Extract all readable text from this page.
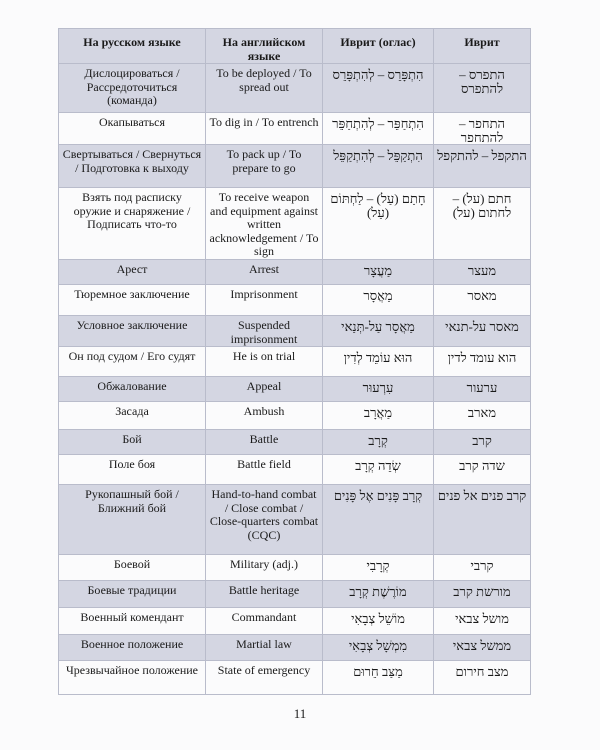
На русском языке	На английском языке	Иврит (оглас)	Иврит
Дислоцироваться / Рассредоточиться (команда)	To be deployed / To spread out	הִתְפָּרֵס – לְהִתְפָּרֵס	התפרס – להתפרס
Окапываться	To dig in / To entrench	הִתְחַפֵּר – לְהִתְחַפֵּר	התחפר – להתחפר
Свертываться / Свернуться / Подготовка к выходу	To pack up / To prepare to go	הִתְקַפֵּל – לְהִתְקַפֵּל	התקפל – להתקפל
Взять под расписку оружие и снаряжение / Подписать что-то	To receive weapon and equipment against written acknowledgement / To sign	חָתַם (עַל) – לַחְתּוֹם (עַל)	חתם (על) – לחתום (על)
Арест	Arrest	מַעֲצָר	מעצר
Тюремное заключение	Imprisonment	מַאֲסָר	מאסר
Условное заключение	Suspended imprisonment	מַאֲסָר עַל-תְּנַאי	מאסר על-תנאי
Он под судом / Его судят	He is on trial	הוּא עוֹמֵד לְדִין	הוא עומד לדין
Обжалование	Appeal	עִרְעוּר	ערעור
Засада	Ambush	מַאֲרָב	מארב
Бой	Battle	קְרָב	קרב
Поле боя	Battle field	שְׂדֵה קְרָב	שדה קרב
Рукопашный бой / Ближний бой	Hand-to-hand combat / Close combat / Close-quarters combat (CQC)	קְרָב פָּנִים אֶל פָּנִים	קרב פנים אל פנים
Боевой	Military (adj.)	קְרָבִי	קרבי
Боевые традиции	Battle heritage	מוֹרֶשֶׁת קְרָב	מורשת קרב
Военный комендант	Commandant	מוֹשֵׁל צְבָאִי	מושל צבאי
Военное положение	Martial law	מִמְשָׁל צְבָאִי	ממשל צבאי
Чрезвычайное положение	State of emergency	מַצַּב חֵרוּם	מצב חירום
11
